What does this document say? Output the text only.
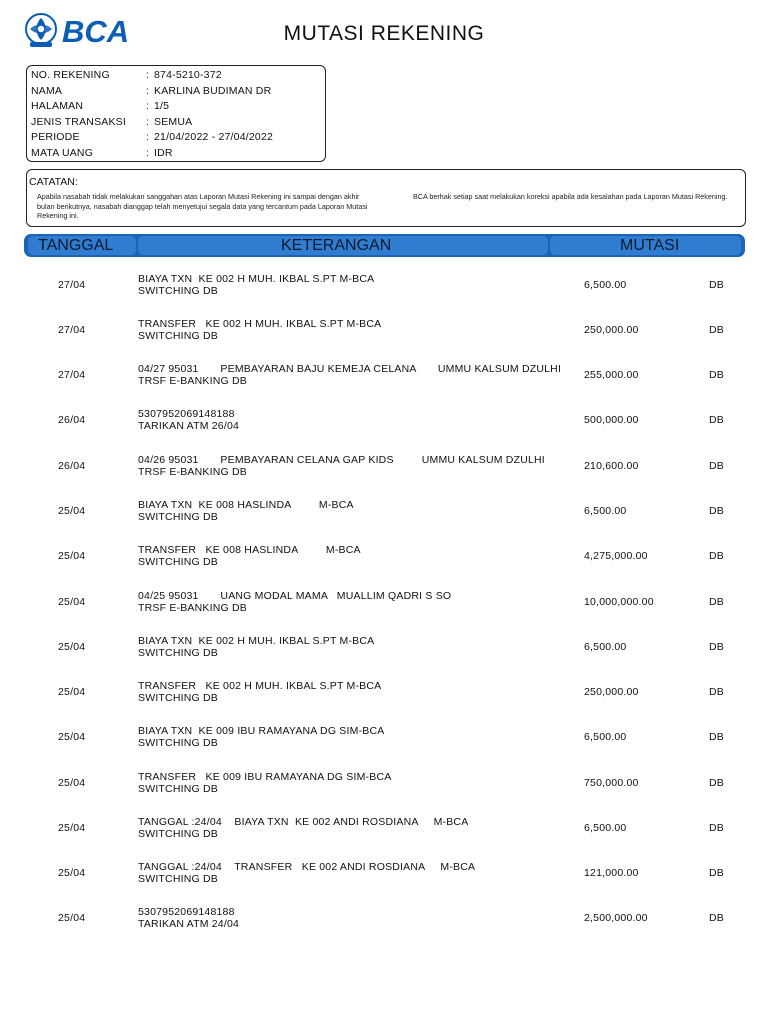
BCA	MUTASI REKENING
NO. REKENING	: 874-5210-372
NAMA	: KARLINA BUDIMAN DR
HALAMAN	: 1/5
JENIS TRANSAKSI	: SEMUA
PERIODE	: 21/04/2022 - 27/04/2022
MATA UANG	: IDR
CATATAN:
Apabila nasabah tidak melakukan sanggahan atas Laporan Mutasi Rekening ini sampai dengan akhir bulan berikutnya, nasabah dianggap telah menyetujui segala data yang tercantum pada Laporan Mutasi Rekening ini.
BCA berhak setiap saat melakukan koreksi apabila ada kesalahan pada Laporan Mutasi Rekening.
TANGGAL	KETERANGAN	MUTASI
27/04	BIAYA TXN  KE 002 H MUH. IKBAL S.PT M-BCA
SWITCHING DB	6,500.00	DB
27/04	TRANSFER   KE 002 H MUH. IKBAL S.PT M-BCA
SWITCHING DB	250,000.00	DB
27/04	04/27 95031       PEMBAYARAN BAJU KEMEJA CELANA       UMMU KALSUM DZULHI
TRSF E-BANKING DB	255,000.00	DB
26/04	5307952069148188
TARIKAN ATM 26/04	500,000.00	DB
26/04	04/26 95031       PEMBAYARAN CELANA GAP KIDS         UMMU KALSUM DZULHI
TRSF E-BANKING DB	210,600.00	DB
25/04	BIAYA TXN  KE 008 HASLINDA         M-BCA
SWITCHING DB	6,500.00	DB
25/04	TRANSFER   KE 008 HASLINDA         M-BCA
SWITCHING DB	4,275,000.00	DB
25/04	04/25 95031       UANG MODAL MAMA   MUALLIM QADRI S SO
TRSF E-BANKING DB	10,000,000.00	DB
25/04	BIAYA TXN  KE 002 H MUH. IKBAL S.PT M-BCA
SWITCHING DB	6,500.00	DB
25/04	TRANSFER   KE 002 H MUH. IKBAL S.PT M-BCA
SWITCHING DB	250,000.00	DB
25/04	BIAYA TXN  KE 009 IBU RAMAYANA DG SIM-BCA
SWITCHING DB	6,500.00	DB
25/04	TRANSFER   KE 009 IBU RAMAYANA DG SIM-BCA
SWITCHING DB	750,000.00	DB
25/04	TANGGAL :24/04    BIAYA TXN  KE 002 ANDI ROSDIANA     M-BCA
SWITCHING DB	6,500.00	DB
25/04	TANGGAL :24/04    TRANSFER   KE 002 ANDI ROSDIANA     M-BCA
SWITCHING DB	121,000.00	DB
25/04	5307952069148188
TARIKAN ATM 24/04	2,500,000.00	DB
